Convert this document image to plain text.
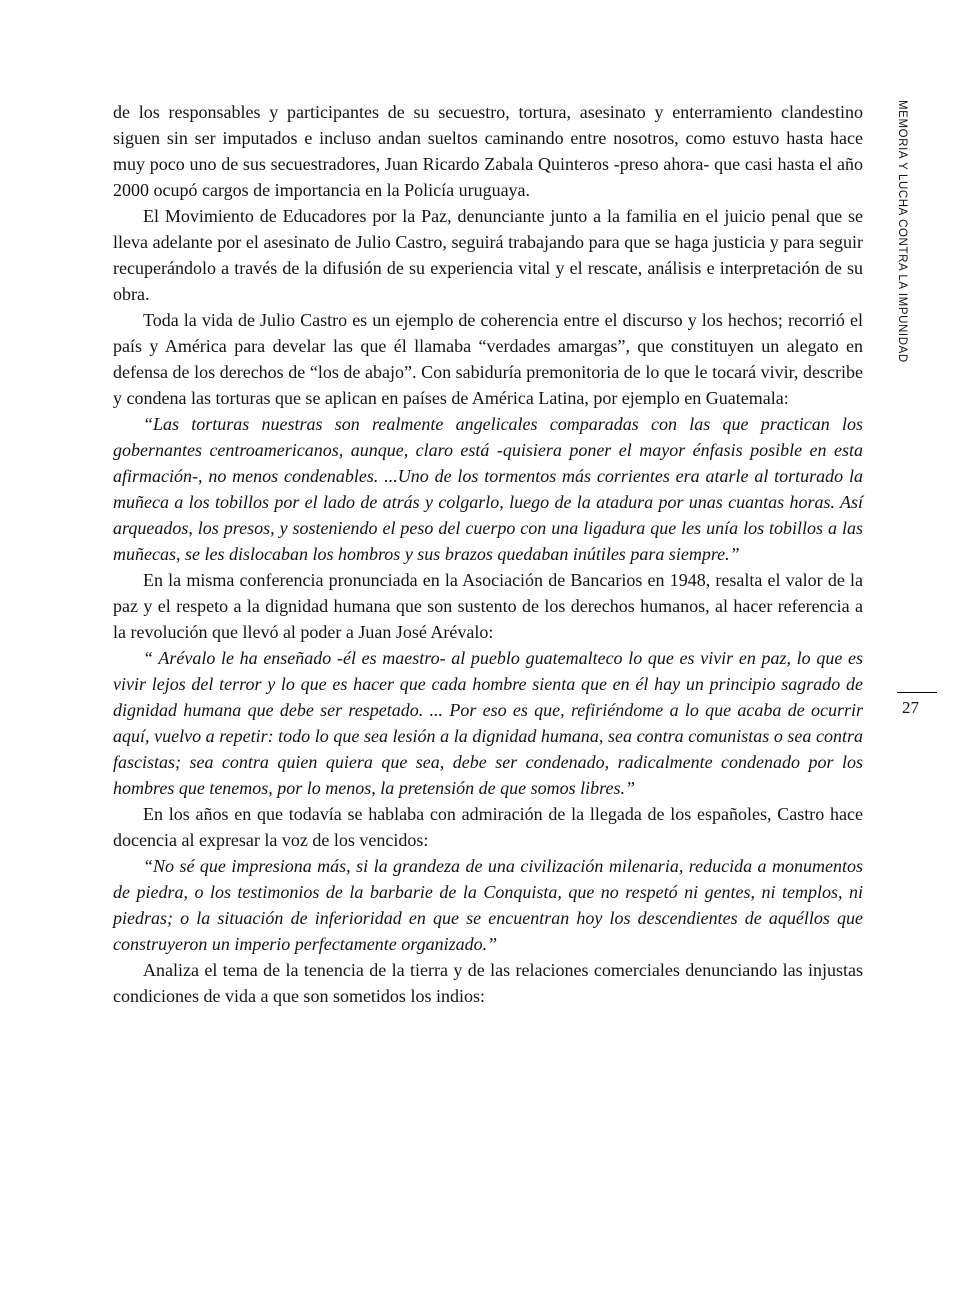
de los responsables y participantes de su secuestro, tortura, asesinato y enterramiento clandestino siguen sin ser imputados e incluso andan sueltos caminando entre nosotros, como estuvo hasta hace muy poco uno de sus secuestradores, Juan Ricardo Zabala Quinteros -preso ahora- que casi hasta el año 2000 ocupó cargos de importancia en la Policía uruguaya.

El Movimiento de Educadores por la Paz, denunciante junto a la familia en el juicio penal que se lleva adelante por el asesinato de Julio Castro, seguirá trabajando para que se haga justicia y para seguir recuperándolo a través de la difusión de su experiencia vital y el rescate, análisis e interpretación de su obra.

Toda la vida de Julio Castro es un ejemplo de coherencia entre el discurso y los hechos; recorrió el país y América para develar las que él llamaba “verdades amargas”, que constituyen un alegato en defensa de los derechos de “los de abajo”. Con sabiduría premonitoria de lo que le tocará vivir, describe y condena las torturas que se aplican en países de América Latina, por ejemplo en Guatemala:

“Las torturas nuestras son realmente angelicales comparadas con las que practican los gobernantes centroamericanos, aunque, claro está -quisiera poner el mayor énfasis posible en esta afirmación-, no menos condenables. ...Uno de los tormentos más corrientes era atarle al torturado la muñeca a los tobillos por el lado de atrás y colgarlo, luego de la atadura por unas cuantas horas. Así arqueados, los presos, y sosteniendo el peso del cuerpo con una ligadura que les unía los tobillos a las muñecas, se les dislocaban los hombros y sus brazos quedaban inútiles para siempre.”

En la misma conferencia pronunciada en la Asociación de Bancarios en 1948, resalta el valor de la paz y el respeto a la dignidad humana que son sustento de los derechos humanos, al hacer referencia a la revolución que llevó al poder a Juan José Arévalo:

“ Arévalo le ha enseñado -él es maestro- al pueblo guatemalteco lo que es vivir en paz, lo que es vivir lejos del terror y lo que es hacer que cada hombre sienta que en él hay un principio sagrado de dignidad humana que debe ser respetado. ... Por eso es que, refiriéndome a lo que acaba de ocurrir aquí, vuelvo a repetir: todo lo que sea lesión a la dignidad humana, sea contra comunistas o sea contra fascistas; sea contra quien quiera que sea, debe ser condenado, radicalmente condenado por los hombres que tenemos, por lo menos, la pretensión de que somos libres.”

En los años en que todavía se hablaba con admiración de la llegada de los españoles, Castro hace docencia al expresar la voz de los vencidos:

“No sé que impresiona más, si la grandeza de una civilización milenaria, reducida a monumentos de piedra, o los testimonios de la barbarie de la Conquista, que no respetó ni gentes, ni templos, ni piedras; o la situación de inferioridad en que se encuentran hoy los descendientes de aquéllos que construyeron un imperio perfectamente organizado.”

Analiza el tema de la tenencia de la tierra y de las relaciones comerciales denunciando las injustas condiciones de vida a que son sometidos los indios:

MEMORIA Y LUCHA CONTRA LA IMPUNIDAD
27
